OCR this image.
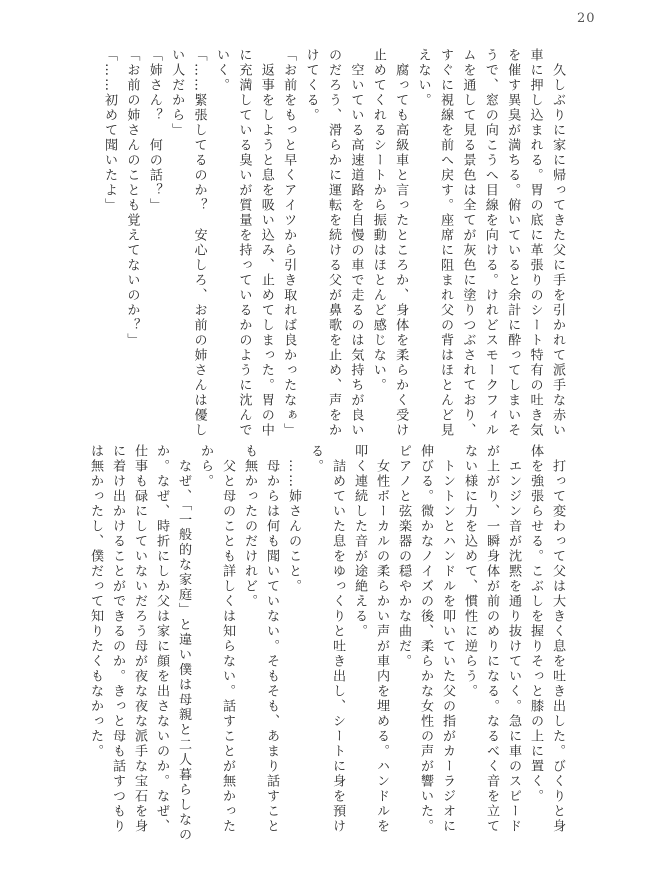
20
　久しぶりに家に帰ってきた父に手を引かれて派手な赤い
車に押し込まれる。胃の底に革張りのシート特有の吐き気
を催す異臭が満ちる。俯いていると余計に酔ってしまいそ
うで、窓の向こうへ目線を向ける。けれどスモークフィル
ムを通して見る景色は全てが灰色に塗りつぶされており、
すぐに視線を前へ戻す。座席に阻まれ父の背はほとんど見
えない。
　腐っても高級車と言ったところか、身体を柔らかく受け
止めてくれるシートから振動はほとんど感じない。
　空いている高速道路を自慢の車で走るのは気持ちが良い
のだろう、滑らかに運転を続ける父が鼻歌を止め、声をか
けてくる。
「お前をもっと早くアイツから引き取れば良かったなぁ」
　返事をしようと息を吸い込み、止めてしまった。胃の中
に充満している臭いが質量を持っているかのように沈んで
いく。
「……緊張してるのか？　安心しろ、お前の姉さんは優し
い人だから」
「姉さん？　何の話？」
「お前の姉さんのことも覚えてないのか？」
「……初めて聞いたよ」
　打って変わって父は大きく息を吐き出した。びくりと身
体を強張らせる。こぶしを握りそっと膝の上に置く。
　エンジン音が沈黙を通り抜けていく。急に車のスピード
が上がり、一瞬身体が前のめりになる。なるべく音を立て
ない様に力を込めて、慣性に逆らう。
　トントンとハンドルを叩いていた父の指がカーラジオに
伸びる。微かなノイズの後、柔らかな女性の声が響いた。
ピアノと弦楽器の穏やかな曲だ。
　女性ボーカルの柔らかい声が車内を埋める。ハンドルを
叩く連続した音が途絶える。
　詰めていた息をゆっくりと吐き出し、シートに身を預け
る。
　……姉さんのこと。
　母からは何も聞いていない。そもそも、あまり話すこと
も無かったのだけれど。
　父と母のことも詳しくは知らない。話すことが無かった
から。
　なぜ、「一般的な家庭」と違い僕は母親と二人暮らしなの
か。なぜ、時折にしか父は家に顔を出さないのか。なぜ、
仕事も碌にしていないだろう母が夜な夜な派手な宝石を身
に着け出かけることができるのか。きっと母も話すつもり
は無かったし、僕だって知りたくもなかった。
